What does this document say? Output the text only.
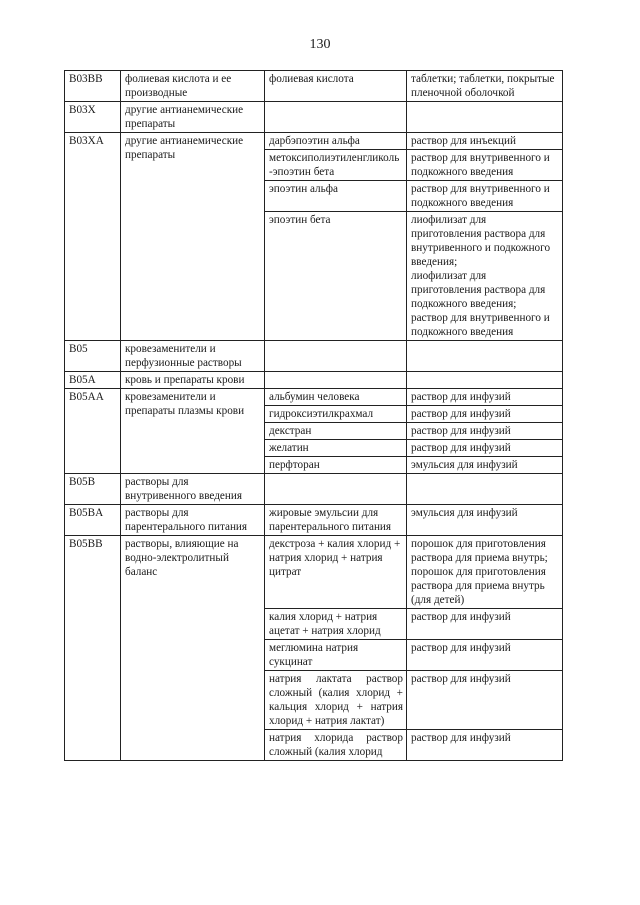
130
B03BB	фолиевая кислота и ее производные	фолиевая кислота	таблетки; таблетки, покрытые пленочной оболочкой
B03X	другие антианемические препараты		
B03XA	другие антианемические препараты	дарбэпоэтин альфа	раствор для инъекций
		метоксиполиэтиленгликоль-эпоэтин бета	раствор для внутривенного и подкожного введения
		эпоэтин альфа	раствор для внутривенного и подкожного введения
		эпоэтин бета	лиофилизат для приготовления раствора для внутривенного и подкожного введения;
лиофилизат для приготовления раствора для подкожного введения;
раствор для внутривенного и подкожного введения
B05	кровезаменители и перфузионные растворы		
B05A	кровь и препараты крови		
B05AA	кровезаменители и препараты плазмы крови	альбумин человека	раствор для инфузий
		гидроксиэтилкрахмал	раствор для инфузий
		декстран	раствор для инфузий
		желатин	раствор для инфузий
		перфторан	эмульсия для инфузий
B05B	растворы для внутривенного введения		
B05BA	растворы для парентерального питания	жировые эмульсии для парентерального питания	эмульсия для инфузий
B05BB	растворы, влияющие на водно-электролитный баланс	декстроза + калия хлорид + натрия хлорид + натрия цитрат	порошок для приготовления раствора для приема внутрь;
порошок для приготовления раствора для приема внутрь (для детей)
		калия хлорид + натрия ацетат + натрия хлорид	раствор для инфузий
		меглюмина натрия сукцинат	раствор для инфузий
		натрия лактата раствор сложный (калия хлорид + кальция хлорид + натрия хлорид + натрия лактат)	раствор для инфузий
		натрия хлорида раствор сложный (калия хлорид	раствор для инфузий
